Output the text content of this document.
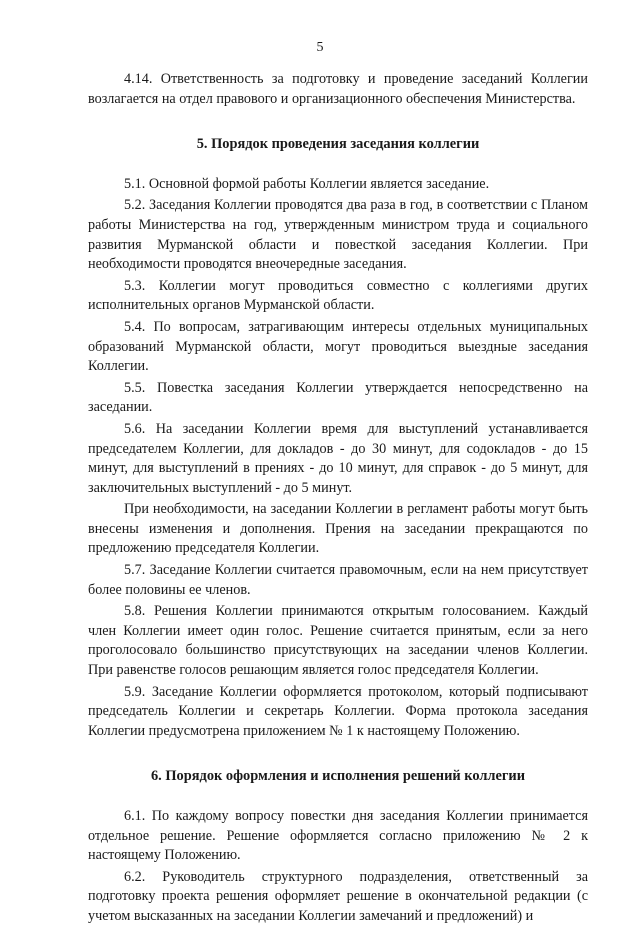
5

4.14. Ответственность за подготовку и проведение заседаний Коллегии возлагается на отдел правового и организационного обеспечения Министерства.

5. Порядок проведения заседания коллегии

5.1. Основной формой работы Коллегии является заседание.

5.2. Заседания Коллегии проводятся два раза в год, в соответствии с Планом работы Министерства на год, утвержденным министром труда и социального развития Мурманской области и повесткой заседания Коллегии. При необходимости проводятся внеочередные заседания.

5.3. Коллегии могут проводиться совместно с коллегиями других исполнительных органов Мурманской области.

5.4. По вопросам, затрагивающим интересы отдельных муниципальных образований Мурманской области, могут проводиться выездные заседания Коллегии.

5.5. Повестка заседания Коллегии утверждается непосредственно на заседании.

5.6. На заседании Коллегии время для выступлений устанавливается председателем Коллегии, для докладов - до 30 минут, для содокладов - до 15 минут, для выступлений в прениях - до 10 минут, для справок - до 5 минут, для заключительных выступлений - до 5 минут.

При необходимости, на заседании Коллегии в регламент работы могут быть внесены изменения и дополнения. Прения на заседании прекращаются по предложению председателя Коллегии.

5.7. Заседание Коллегии считается правомочным, если на нем присутствует более половины ее членов.

5.8. Решения Коллегии принимаются открытым голосованием. Каждый член Коллегии имеет один голос. Решение считается принятым, если за него проголосовало большинство присутствующих на заседании членов Коллегии. При равенстве голосов решающим является голос председателя Коллегии.

5.9. Заседание Коллегии оформляется протоколом, который подписывают председатель Коллегии и секретарь Коллегии. Форма протокола заседания Коллегии предусмотрена приложением № 1 к настоящему Положению.

6. Порядок оформления и исполнения решений коллегии

6.1. По каждому вопросу повестки дня заседания Коллегии принимается отдельное решение. Решение оформляется согласно приложению № 2 к настоящему Положению.

6.2. Руководитель структурного подразделения, ответственный за подготовку проекта решения оформляет решение в окончательной редакции (с учетом высказанных на заседании Коллегии замечаний и предложений) и
